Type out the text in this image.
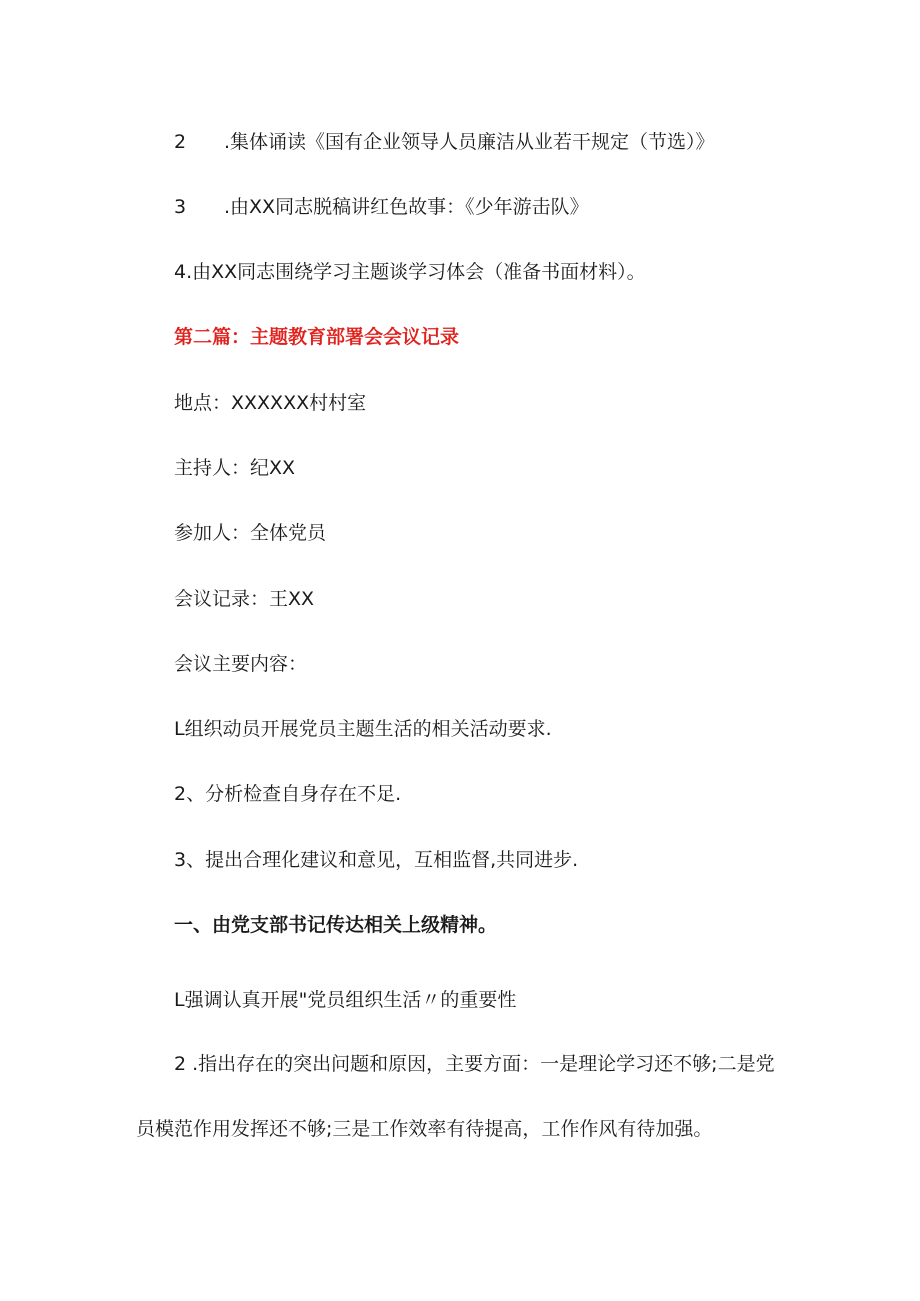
2 .集体诵读《国有企业领导人员廉洁从业若干规定（节选）》
3 .由XX同志脱稿讲红色故事：《少年游击队》
4.由XX同志围绕学习主题谈学习体会（准备书面材料）。
第二篇：主题教育部署会会议记录
地点：XXXXXX村村室
主持人：纪XX
参加人：全体党员
会议记录：王XX
会议主要内容：
L组织动员开展党员主题生活的相关活动要求.
2、分析检查自身存在不足.
3、提出合理化建议和意见，互相监督,共同进步.
一、由党支部书记传达相关上级精神。
L强调认真开展"党员组织生活〃的重要性
2 .指出存在的突出问题和原因，主要方面：一是理论学习还不够;二是党员模范作用发挥还不够;三是工作效率有待提高，工作作风有待加强。
